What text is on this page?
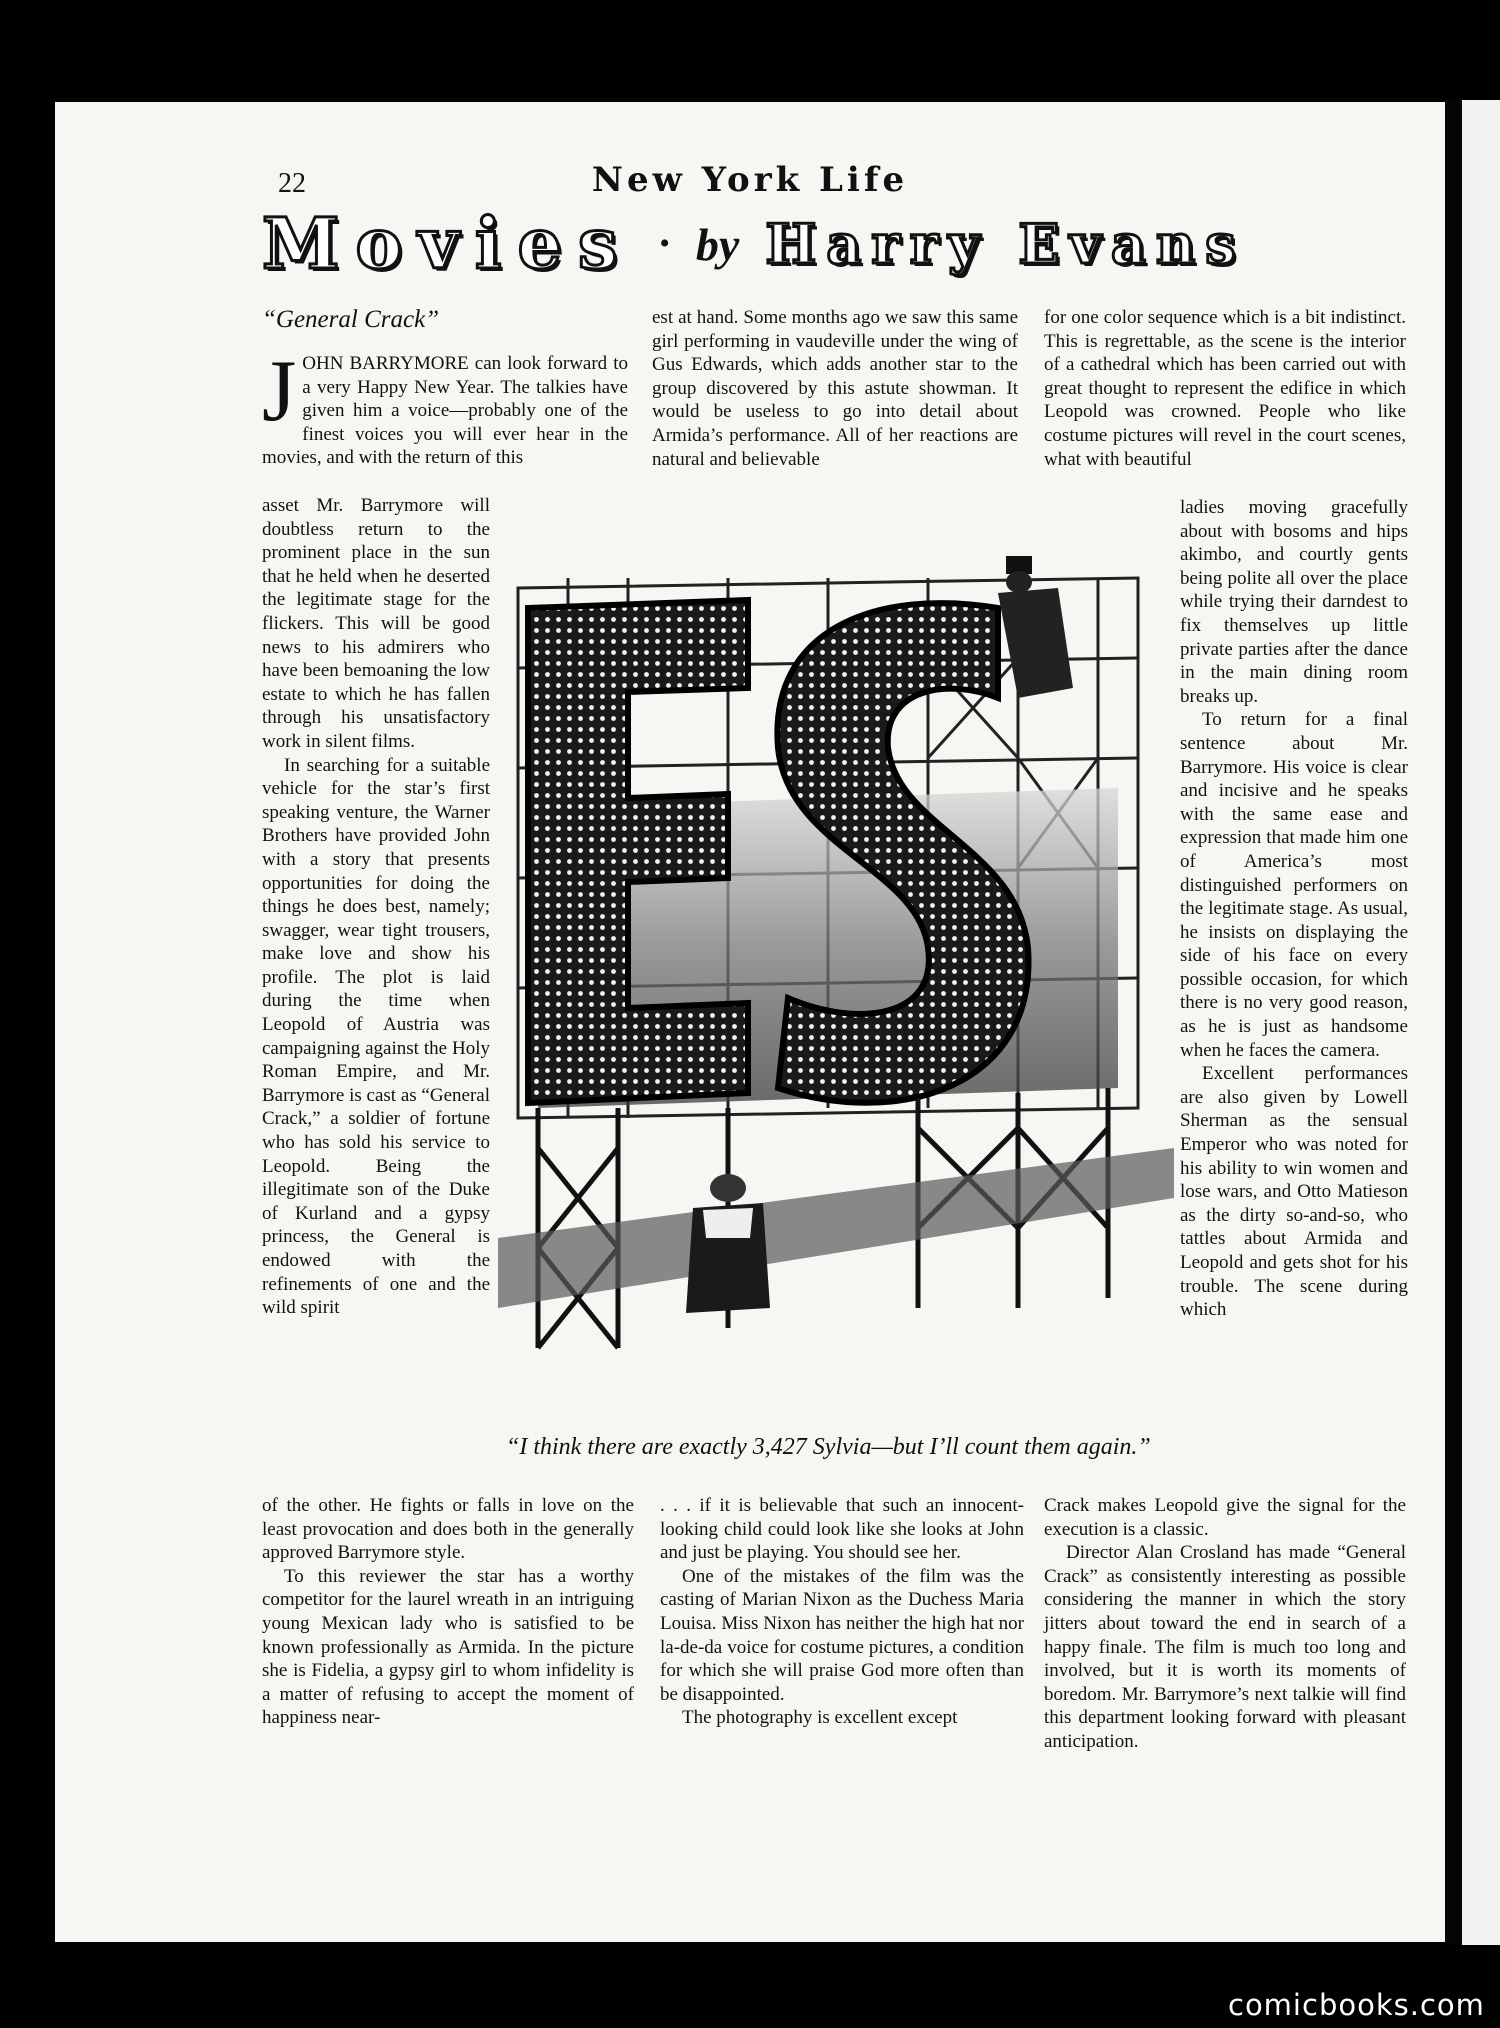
22	New York Life
Movies • by Harry Evans
“General Crack”

JOHN BARRYMORE can look forward to a very Happy New Year. The talkies have given him a voice—probably one of the finest voices you will ever hear in the movies, and with the return of this

asset Mr. Barrymore will doubtless return to the prominent place in the sun that he held when he deserted the legitimate stage for the flickers. This will be good news to his admirers who have been bemoaning the low estate to which he has fallen through his unsatisfactory work in silent films.

In searching for a suitable vehicle for the star’s first speaking venture, the Warner Brothers have provided John with a story that presents opportunities for doing the things he does best, namely; swagger, wear tight trousers, make love and show his profile. The plot is laid during the time when Leopold of Austria was campaigning against the Holy Roman Empire, and Mr. Barrymore is cast as “General Crack,” a soldier of fortune who has sold his service to Leopold. Being the illegitimate son of the Duke of Kurland and a gypsy princess, the General is endowed with the refinements of one and the wild spirit

of the other. He fights or falls in love on the least provocation and does both in the generally approved Barrymore style.

To this reviewer the star has a worthy competitor for the laurel wreath in an intriguing young Mexican lady who is satisfied to be known professionally as Armida. In the picture she is Fidelia, a gypsy girl to whom infidelity is a matter of refusing to accept the moment of happiness near-

est at hand. Some months ago we saw this same girl performing in vaudeville under the wing of Gus Edwards, which adds another star to the group discovered by this astute showman. It would be useless to go into detail about Armida’s performance. All of her reactions are natural and believable

. . . if it is believable that such an innocent-looking child could look like she looks at John and just be playing. You should see her.

One of the mistakes of the film was the casting of Marian Nixon as the Duchess Maria Louisa. Miss Nixon has neither the high hat nor la-de-da voice for costume pictures, a condition for which she will praise God more often than be disappointed.

The photography is excellent except

for one color sequence which is a bit indistinct. This is regrettable, as the scene is the interior of a cathedral which has been carried out with great thought to represent the edifice in which Leopold was crowned. People who like costume pictures will revel in the court scenes, what with beautiful

ladies moving gracefully about with bosoms and hips akimbo, and courtly gents being polite all over the place while trying their darndest to fix themselves up little private parties after the dance in the main dining room breaks up.

To return for a final sentence about Mr. Barrymore. His voice is clear and incisive and he speaks with the same ease and expression that made him one of America’s most distinguished performers on the legitimate stage. As usual, he insists on displaying the side of his face on every possible occasion, for which there is no very good reason, as he is just as handsome when he faces the camera.

Excellent performances are also given by Lowell Sherman as the sensual Emperor who was noted for his ability to win women and lose wars, and Otto Matieson as the dirty so-and-so, who tattles about Armida and Leopold and gets shot for his trouble. The scene during which

Crack makes Leopold give the signal for the execution is a classic.

Director Alan Crosland has made “General Crack” as consistently interesting as possible considering the manner in which the story jitters about toward the end in search of a happy finale. The film is much too long and involved, but it is worth its moments of boredom. Mr. Barrymore’s next talkie will find this department looking forward with pleasant anticipation.

“I think there are exactly 3,427 Sylvia—but I’ll count them again.”
comicbooks.com
